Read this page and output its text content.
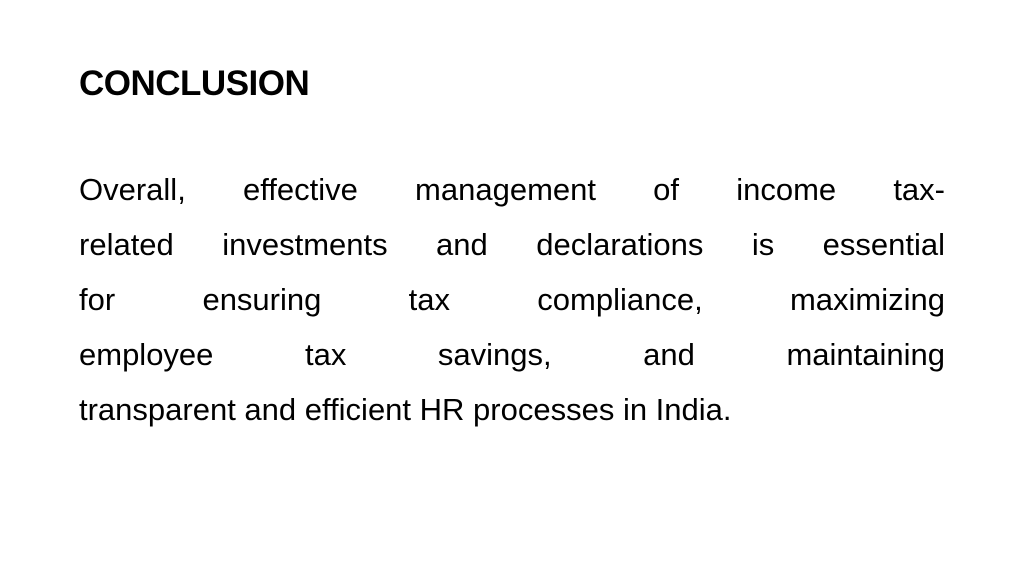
CONCLUSION
Overall, effective management of income tax-
related investments and declarations is essential
for ensuring tax compliance, maximizing
employee tax savings, and maintaining
transparent and efficient HR processes in India.
